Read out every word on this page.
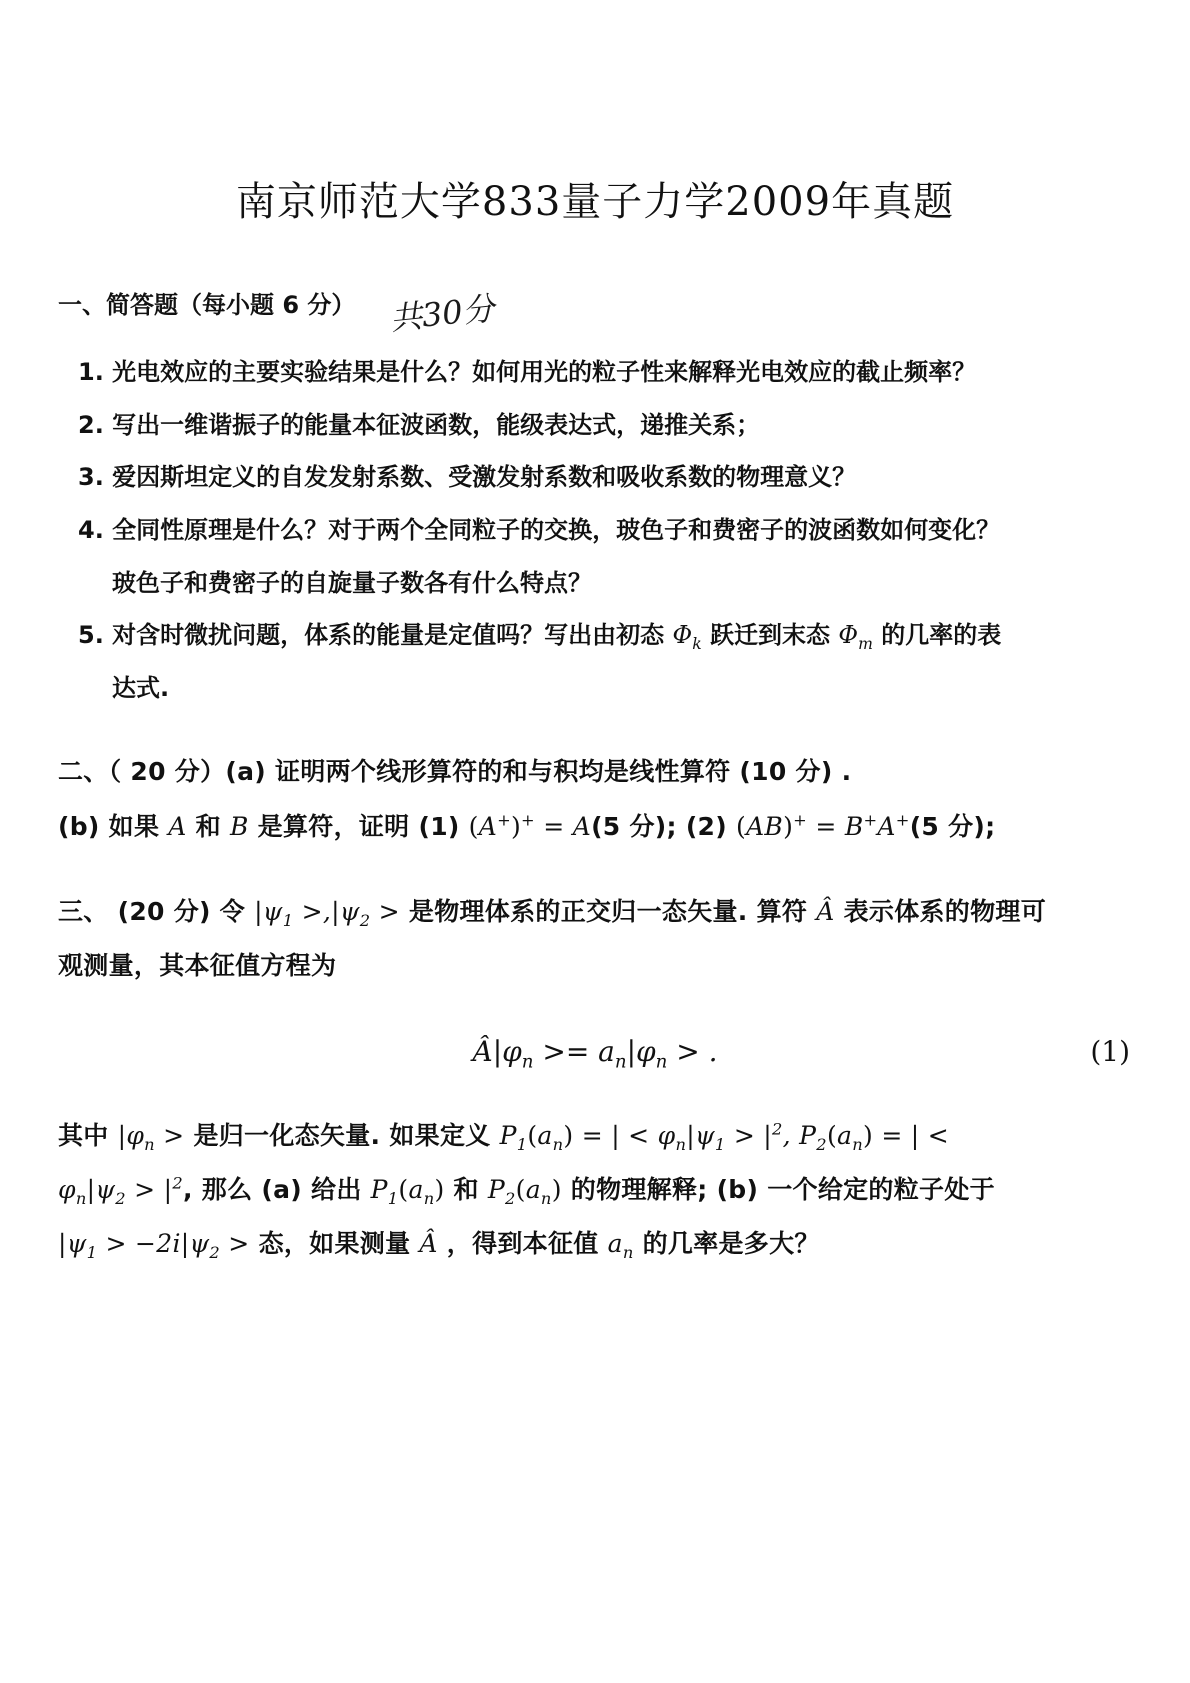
南京师范大学833量子力学2009年真题
一、简答题（每小题 6 分） 共30分
1. 光电效应的主要实验结果是什么？如何用光的粒子性来解释光电效应的截止频率？
2. 写出一维谐振子的能量本征波函数，能级表达式，递推关系；
3. 爱因斯坦定义的自发发射系数、受激发射系数和吸收系数的物理意义？
4. 全同性原理是什么？对于两个全同粒子的交换，玻色子和费密子的波函数如何变化？
玻色子和费密子的自旋量子数各有什么特点？
5. 对含时微扰问题，体系的能量是定值吗？写出由初态 $\Phi_k$ 跃迁到末态 $\Phi_m$ 的几率的表
达式.
二、（ 20 分）(a) 证明两个线形算符的和与积均是线性算符 (10 分) .
(b) 如果 A 和 B 是算符，证明 (1) (A+)+ = A(5 分); (2) (AB)+ = B+A+(5 分);
三、 (20 分) 令 $|\psi_1 >,|\psi_2$ > 是物理体系的正交归一态矢量. 算符 Â 表示体系的物理可
观测量，其本征值方程为
$Â|\varphi_n >= a_n|\varphi_n$ > .	(1)
其中 $|\varphi_n$ > 是归一化态矢量. 如果定义 $P_1(a_n)$ = | < $\varphi_n|\psi_1 > |^2$, $P_2(a_n)$ = | <
$\varphi_n|\psi_2 > |^2$, 那么 (a) 给出 $P_1(a_n)$ 和 $P_2(a_n)$ 的物理解释; (b) 一个给定的粒子处于
$|\psi_1 > -2i|\psi_2$ > 态，如果测量 Â ，得到本征值 $a_n$ 的几率是多大？
